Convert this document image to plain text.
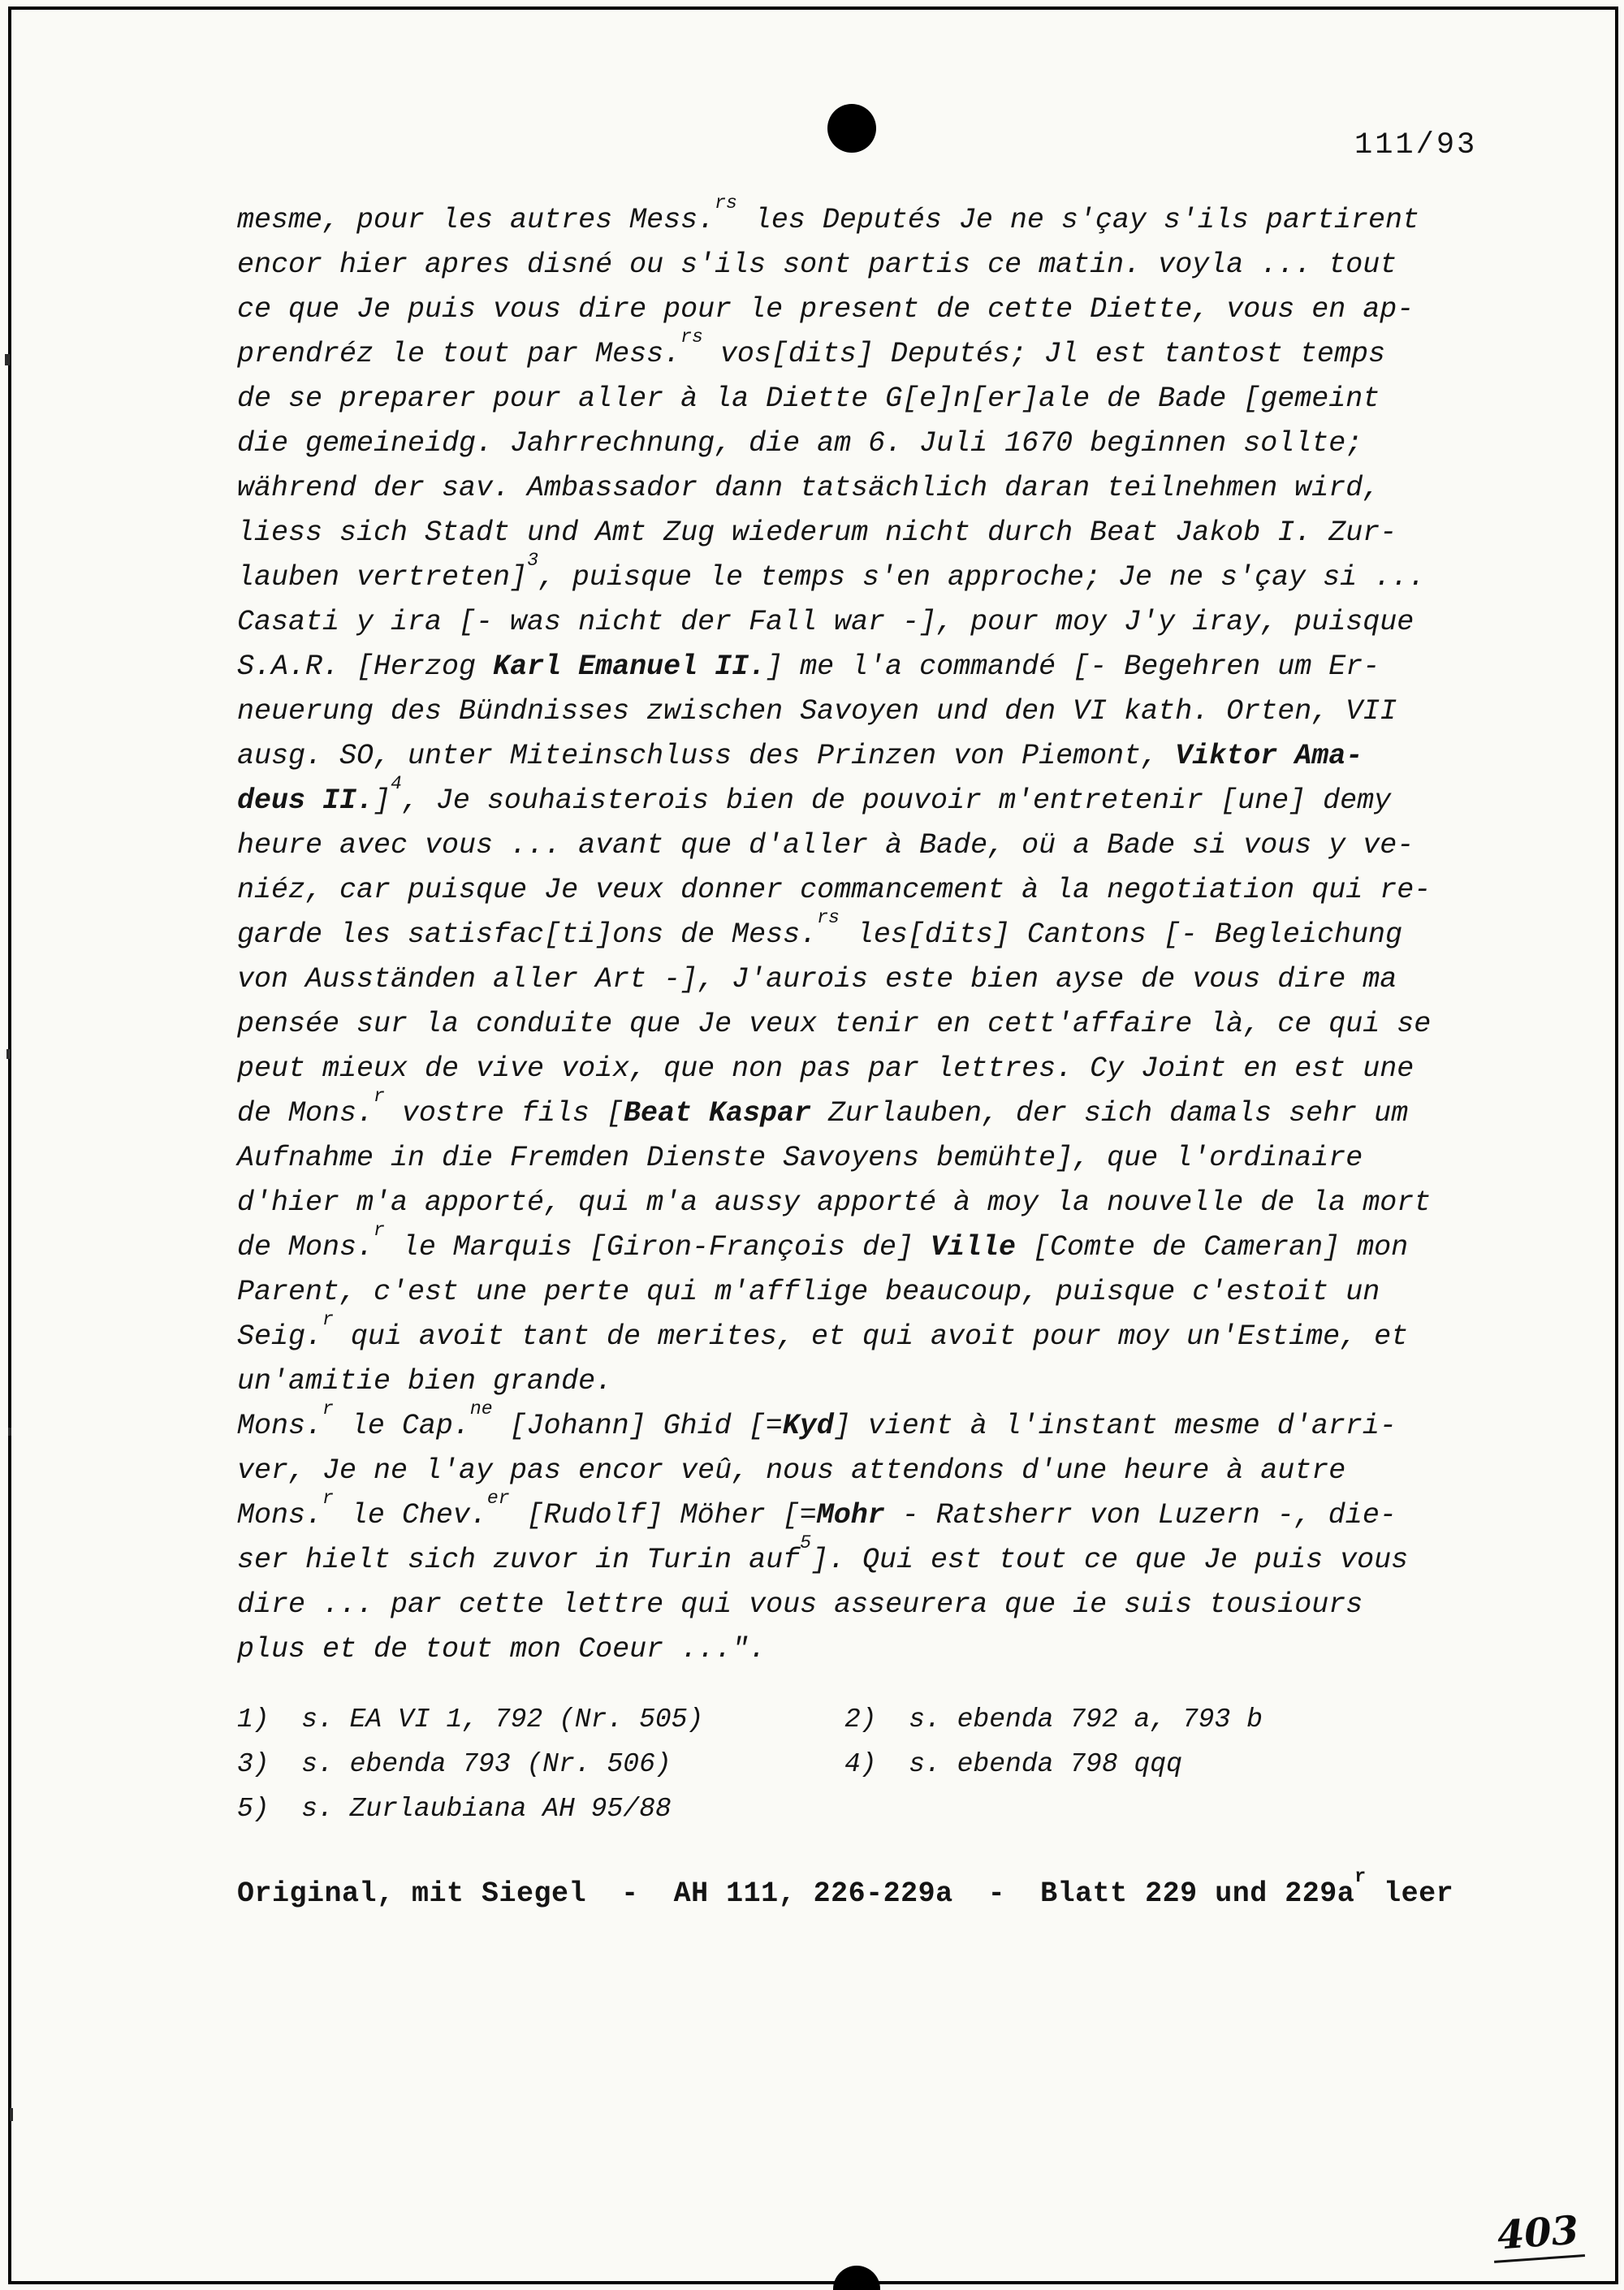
111/93
mesme, pour les autres Mess.$^{rs}$ les Deputés Je ne s'çay s'ils partirent
encor hier apres disné ou s'ils sont partis ce matin. voyla ... tout
ce que Je puis vous dire pour le present de cette Diette, vous en ap-
prendréz le tout par Mess.$^{rs}$ vos[dits] Deputés; Jl est tantost temps
de se preparer pour aller à la Diette G[e]n[er]ale de Bade [gemeint
die gemeineidg. Jahrrechnung, die am 6. Juli 1670 beginnen sollte;
während der sav. Ambassador dann tatsächlich daran teilnehmen wird,
liess sich Stadt und Amt Zug wiederum nicht durch Beat Jakob I. Zur-
lauben vertreten]$^3$, puisque le temps s'en approche; Je ne s'çay si ...
Casati y ira [- was nicht der Fall war -], pour moy J'y iray, puisque
S.A.R. [Herzog Karl Emanuel II.] me l'a commandé [- Begehren um Er-
neuerung des Bündnisses zwischen Savoyen und den VI kath. Orten, VII
ausg. SO, unter Miteinschluss des Prinzen von Piemont, Viktor Ama-
deus II.]$^4$, Je souhaisterois bien de pouvoir m'entretenir [une] demy
heure avec vous ... avant que d'aller à Bade, oü a Bade si vous y ve-
niéz, car puisque Je veux donner commancement à la negotiation qui re-
garde les satisfac[ti]ons de Mess.$^{rs}$ les[dits] Cantons [- Begleichung
von Ausständen aller Art -], J'aurois este bien ayse de vous dire ma
pensée sur la conduite que Je veux tenir en cett'affaire là, ce qui se
peut mieux de vive voix, que non pas par lettres. Cy Joint en est une
de Mons.$^r$ vostre fils [Beat Kaspar Zurlauben, der sich damals sehr um
Aufnahme in die Fremden Dienste Savoyens bemühte], que l'ordinaire
d'hier m'a apporté, qui m'a aussy apporté à moy la nouvelle de la mort
de Mons.$^r$ le Marquis [Giron-François de] Ville [Comte de Cameran] mon
Parent, c'est une perte qui m'afflige beaucoup, puisque c'estoit un
Seig.$^r$ qui avoit tant de merites, et qui avoit pour moy un'Estime, et
un'amitie bien grande.
Mons.$^r$ le Cap.$^{ne}$ [Johann] Ghid [=Kyd] vient à l'instant mesme d'arri-
ver, Je ne l'ay pas encor veû, nous attendons d'une heure à autre
Mons.$^r$ le Chev.$^{er}$ [Rudolf] Möher [=Mohr - Ratsherr von Luzern -, die-
ser hielt sich zuvor in Turin auf$^5$]. Qui est tout ce que Je puis vous
dire ... par cette lettre qui vous asseurera que ie suis tousiours
plus et de tout mon Coeur ...".
1)  s. EA VI 1, 792 (Nr. 505)	2)  s. ebenda 792 a, 793 b
3)  s. ebenda 793 (Nr. 506)	4)  s. ebenda 798 qqq
5)  s. Zurlaubiana AH 95/88
Original, mit Siegel  -  AH 111, 226-229a  -  Blatt 229 und $229a^r$ leer
403
